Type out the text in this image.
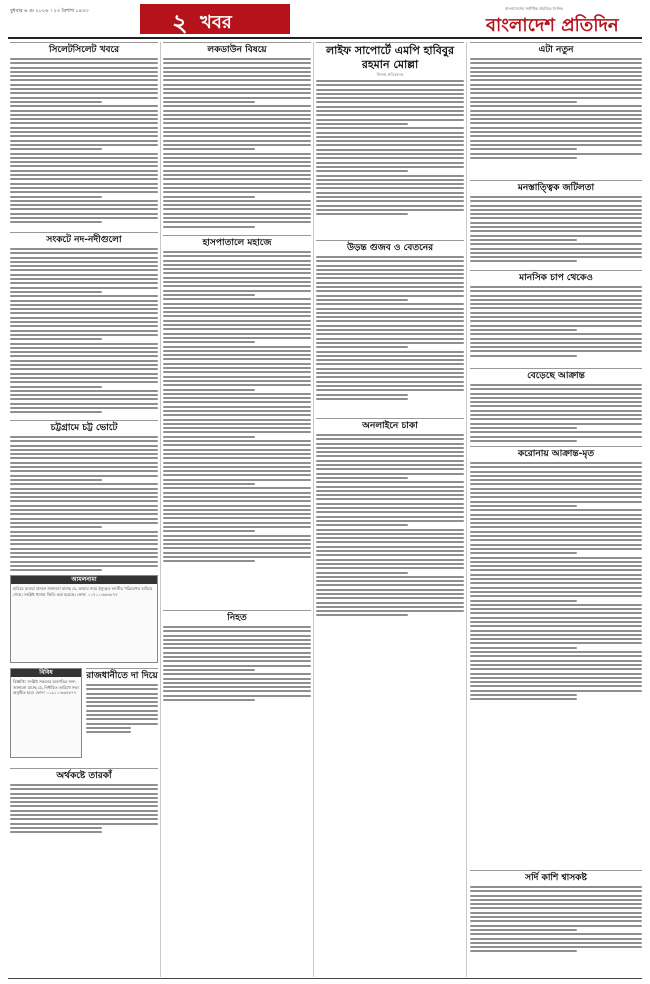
বুধবার ৬ মে ২০২৬ । ২৩ বৈশাখ ১৪৩৩	২ খবর
বাংলাদেশের সর্বাধিক প্রচারিত দৈনিক
বাংলাদেশ প্রতিদিন
সিলেটসিলেট খবরে
সংকটে নদ-নদীগুলো
চট্টগ্রামে চট্ট ভোটে
আমলনামা
হারিয়ে যাওয়া প্রসঙ্গে জানানো যাচ্ছে যে, আমার নামে ইস্যুকৃত জাতীয় পরিচয়পত্র হারিয়ে গেছে। সংশ্লিষ্ট থানায় জিডি করা হয়েছে। ফোন: ০১৭১১-৬৬৪৮৭৭
বিবিধ
বিজ্ঞপ্তি: সংশ্লিষ্ট সকলের অবগতির জন্য জানানো যাচ্ছে যে, নির্ধারিত তারিখে সভা অনুষ্ঠিত হবে। ফোন: ০১৯১১-৬৬৪৮৭৭
রাজধানীতে দা দিয়ে
অর্থকষ্টে তারকাঁ
লকডাউন বিষয়ে
হাসপাতালে মহাজে
নিহত
লাইফ সাপোর্টে এমপি হাবিবুর রহমান মোল্লা
নিজস্ব প্রতিবেদক
উড়ন্ত গুজব ও বেতনের
অনলাইনে চাকা
এটা নতুন
মনস্তাত্ত্বিক জটিলতা
মানসিক চাপ থেকেও
বেড়েছে আক্রান্ত
করোনায় আক্রান্ত-মৃত
সর্দি কাশি শ্বাসকষ্ট
